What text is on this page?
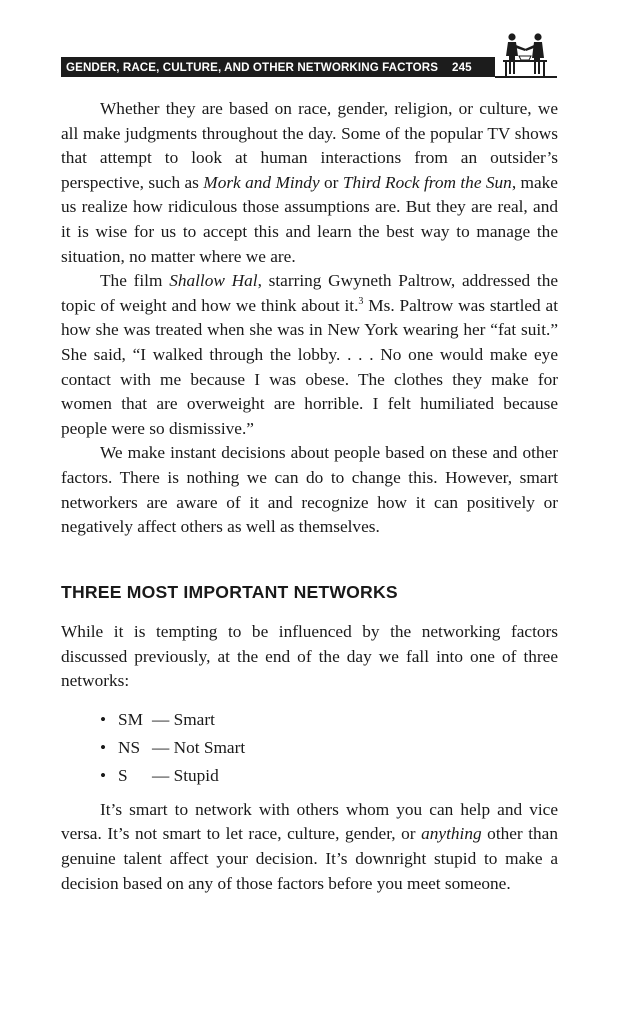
GENDER, RACE, CULTURE, AND OTHER NETWORKING FACTORS 245

Whether they are based on race, gender, religion, or culture, we all make judgments throughout the day. Some of the popular TV shows that attempt to look at human interactions from an outsider’s perspective, such as Mork and Mindy or Third Rock from the Sun, make us realize how ridiculous those assumptions are. But they are real, and it is wise for us to accept this and learn the best way to manage the situation, no matter where we are.

The film Shallow Hal, starring Gwyneth Paltrow, addressed the topic of weight and how we think about it.$^3$ Ms. Paltrow was startled at how she was treated when she was in New York wearing her “fat suit.” She said, “I walked through the lobby. . . . No one would make eye contact with me because I was obese. The clothes they make for women that are overweight are horrible. I felt humiliated because people were so dismissive.”

We make instant decisions about people based on these and other factors. There is nothing we can do to change this. However, smart networkers are aware of it and recognize how it can positively or negatively affect others as well as themselves.

THREE MOST IMPORTANT NETWORKS

While it is tempting to be influenced by the networking factors discussed previously, at the end of the day we fall into one of three networks:

• SM — Smart
• NS — Not Smart
• S	— Stupid

It’s smart to network with others whom you can help and vice versa. It’s not smart to let race, culture, gender, or anything other than genuine talent affect your decision. It’s downright stupid to make a decision based on any of those factors before you meet someone.
